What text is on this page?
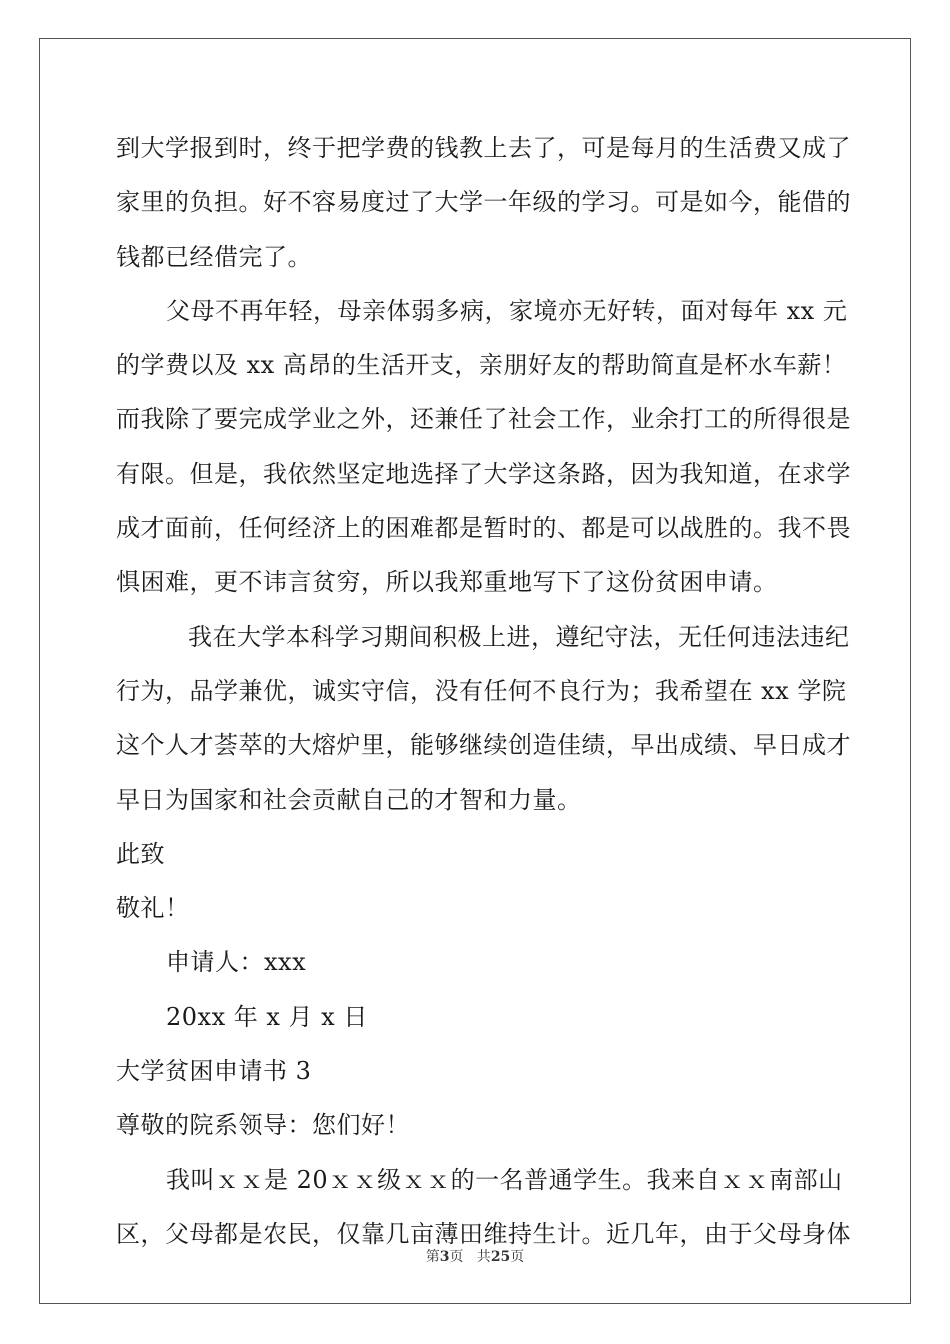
到大学报到时，终于把学费的钱教上去了，可是每月的生活费又成了
家里的负担。好不容易度过了大学一年级的学习。可是如今，能借的
钱都已经借完了。
父母不再年轻，母亲体弱多病，家境亦无好转，面对每年 xx 元
的学费以及 xx 高昂的生活开支，亲朋好友的帮助简直是杯水车薪！
而我除了要完成学业之外，还兼任了社会工作，业余打工的所得很是
有限。但是，我依然坚定地选择了大学这条路，因为我知道，在求学
成才面前，任何经济上的困难都是暂时的、都是可以战胜的。我不畏
惧困难，更不讳言贫穷，所以我郑重地写下了这份贫困申请。
我在大学本科学习期间积极上进，遵纪守法，无任何违法违纪
行为，品学兼优，诚实守信，没有任何不良行为；我希望在 xx 学院
这个人才荟萃的大熔炉里，能够继续创造佳绩，早出成绩、早日成才
早日为国家和社会贡献自己的才智和力量。
此致
敬礼！
申请人：xxx
20xx 年 x 月 x 日
大学贫困申请书 3
尊敬的院系领导：您们好！
我叫ｘｘ是 20ｘｘ级ｘｘ的一名普通学生。我来自ｘｘ南部山
区，父母都是农民，仅靠几亩薄田维持生计。近几年，由于父母身体
第3页   共25页
